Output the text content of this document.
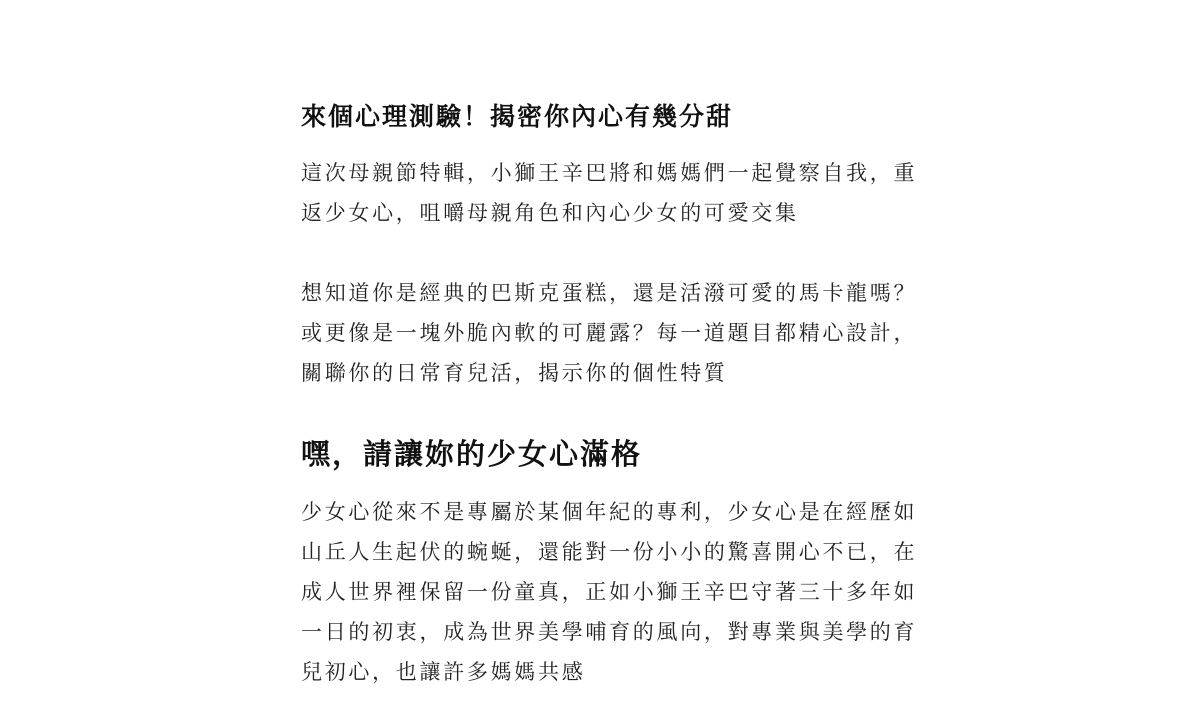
來個心理測驗！揭密你內心有幾分甜

這次母親節特輯，小獅王辛巴將和媽媽們一起覺察自我，重
返少女心，咀嚼母親角色和內心少女的可愛交集

想知道你是經典的巴斯克蛋糕，還是活潑可愛的馬卡龍嗎？
或更像是一塊外脆內軟的可麗露？每一道題目都精心設計，
關聯你的日常育兒活，揭示你的個性特質

嘿，請讓妳的少女心滿格

少女心從來不是專屬於某個年紀的專利，少女心是在經歷如
山丘人生起伏的蜿蜒，還能對一份小小的驚喜開心不已，在
成人世界裡保留一份童真，正如小獅王辛巴守著三十多年如
一日的初衷，成為世界美學哺育的風向，對專業與美學的育
兒初心，也讓許多媽媽共感
